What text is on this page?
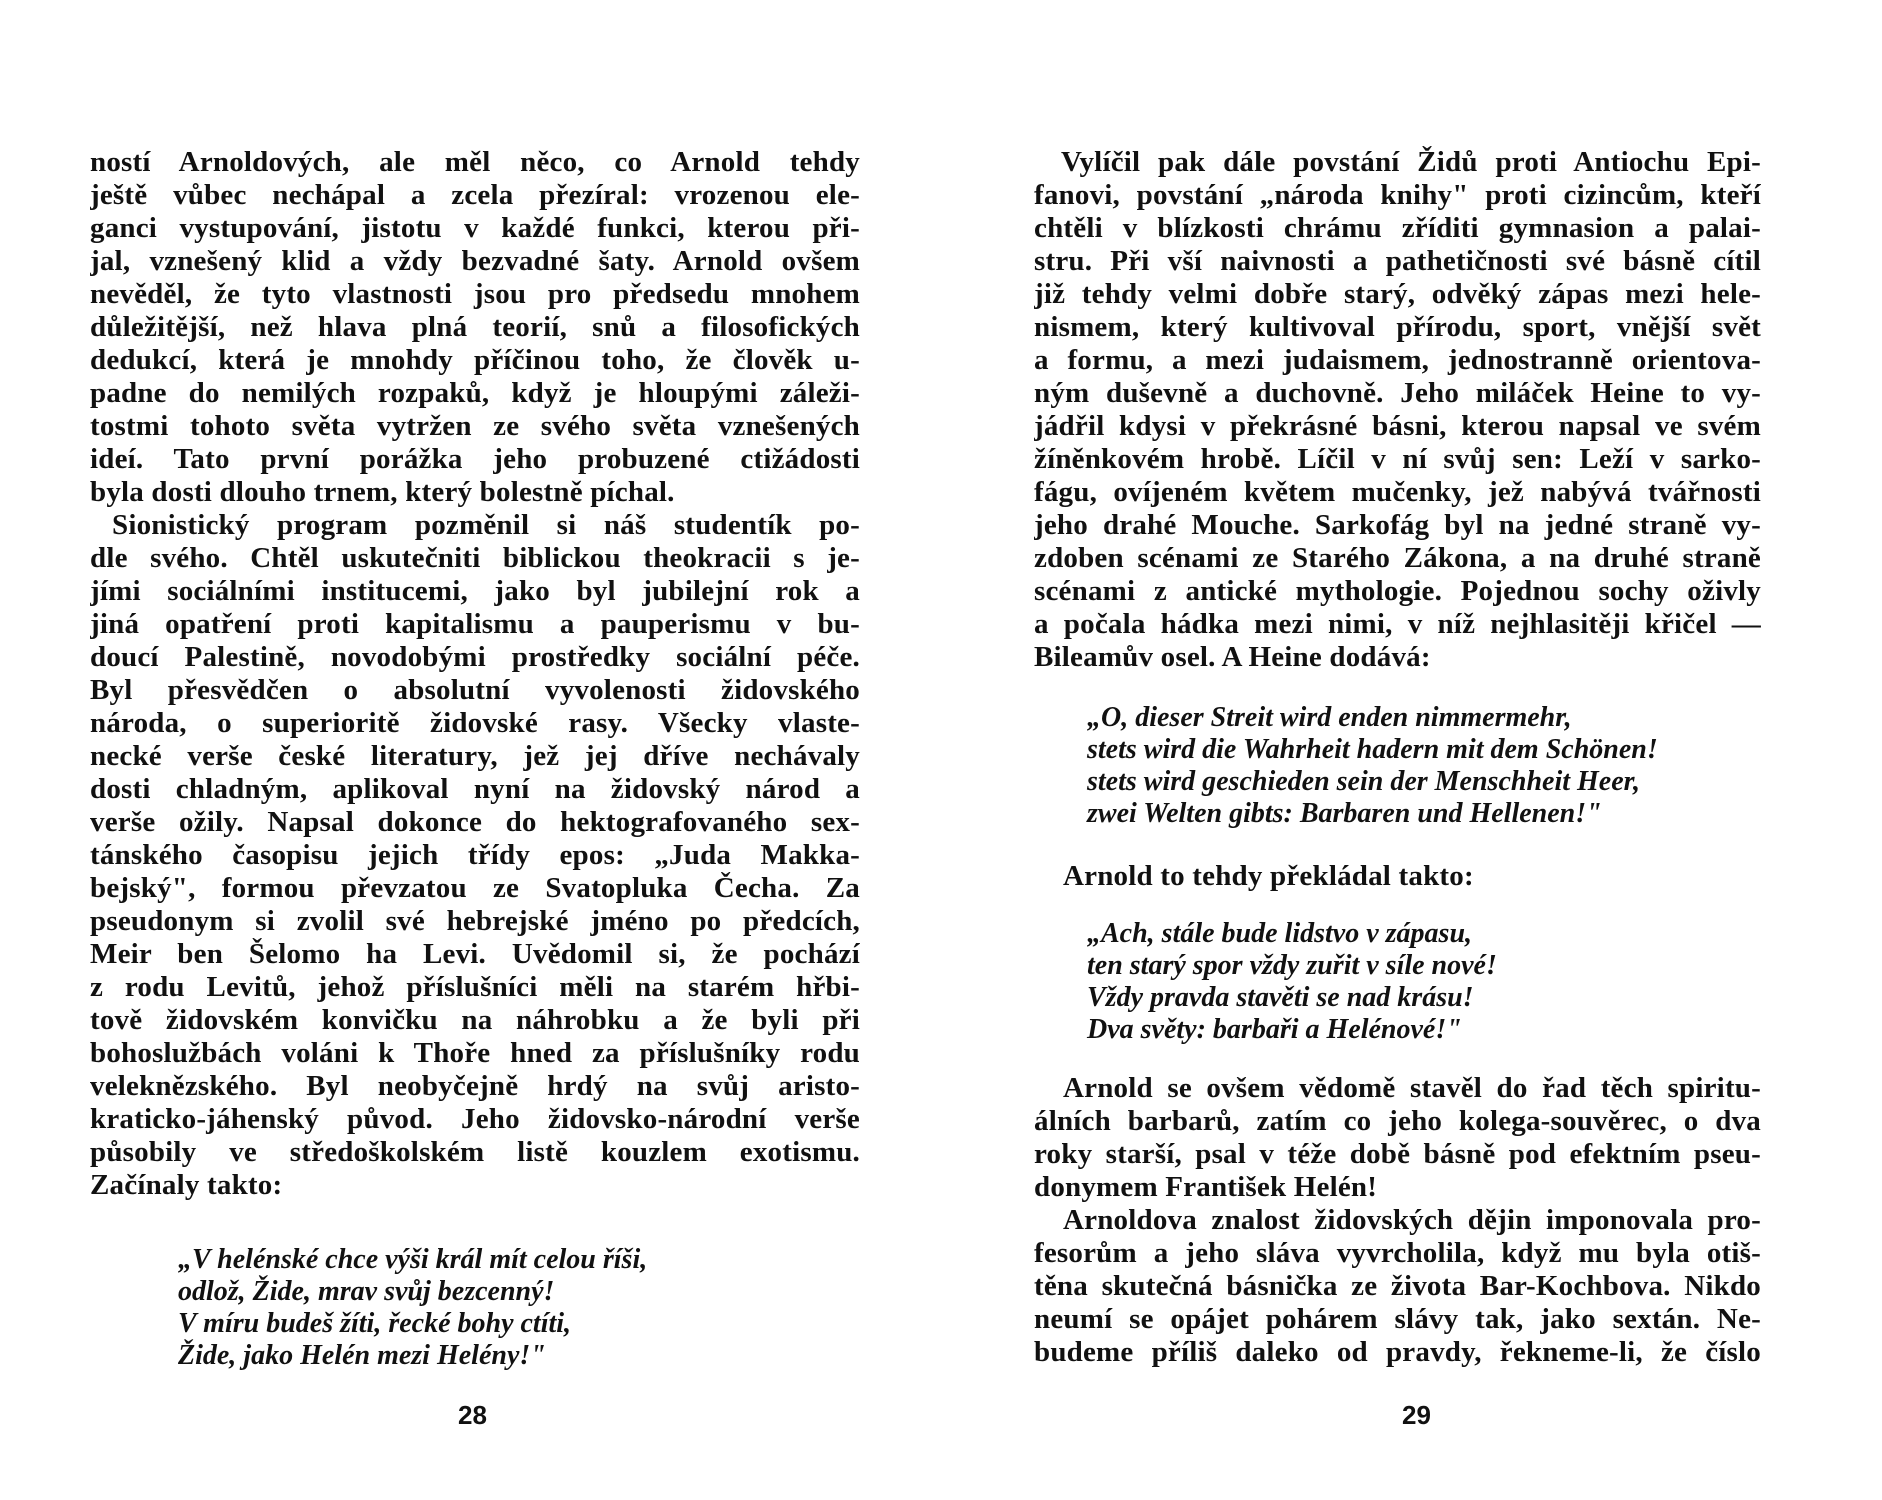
ností Arnoldových, ale měl něco, co Arnold tehdy
ještě vůbec nechápal a zcela přezíral: vrozenou ele-
ganci vystupování, jistotu v každé funkci, kterou při-
jal, vznešený klid a vždy bezvadné šaty. Arnold ovšem
nevěděl, že tyto vlastnosti jsou pro předsedu mnohem
důležitější, než hlava plná teorií, snů a filosofických
dedukcí, která je mnohdy příčinou toho, že člověk u-
padne do nemilých rozpaků, když je hloupými záleži-
tostmi tohoto světa vytržen ze svého světa vznešených
ideí. Tato první porážka jeho probuzené ctižádosti
byla dosti dlouho trnem, který bolestně píchal.
Sionistický program pozměnil si náš studentík po-
dle svého. Chtěl uskutečniti biblickou theokracii s je-
jími sociálními institucemi, jako byl jubilejní rok a
jiná opatření proti kapitalismu a pauperismu v bu-
doucí Palestině, novodobými prostředky sociální péče.
Byl přesvědčen o absolutní vyvolenosti židovského
národa, o superioritě židovské rasy. Všecky vlaste-
necké verše české literatury, jež jej dříve nechávaly
dosti chladným, aplikoval nyní na židovský národ a
verše ožily. Napsal dokonce do hektografovaného sex-
tánského časopisu jejich třídy epos: „Juda Makka-
bejský", formou převzatou ze Svatopluka Čecha. Za
pseudonym si zvolil své hebrejské jméno po předcích,
Meir ben Šelomo ha Levi. Uvědomil si, že pochází
z rodu Levitů, jehož příslušníci měli na starém hřbi-
tově židovském konvičku na náhrobku a že byli při
bohoslužbách voláni k Thoře hned za příslušníky rodu
veleknězského. Byl neobyčejně hrdý na svůj aristo-
kraticko-jáhenský původ. Jeho židovsko-národní verše
působily ve středoškolském listě kouzlem exotismu.
Začínaly takto:
„V helénské chce výši král mít celou říši,
odlož, Žide, mrav svůj bezcenný!
V míru budeš žíti, řecké bohy ctíti,
Žide, jako Helén mezi Helény!"
28
Vylíčil pak dále povstání Židů proti Antiochu Epi-
fanovi, povstání „národa knihy" proti cizincům, kteří
chtěli v blízkosti chrámu zříditi gymnasion a palai-
stru. Při vší naivnosti a pathetičnosti své básně cítil
již tehdy velmi dobře starý, odvěký zápas mezi hele-
nismem, který kultivoval přírodu, sport, vnější svět
a formu, a mezi judaismem, jednostranně orientova-
ným duševně a duchovně. Jeho miláček Heine to vy-
jádřil kdysi v překrásné básni, kterou napsal ve svém
žíněnkovém hrobě. Líčil v ní svůj sen: Leží v sarko-
fágu, ovíjeném květem mučenky, jež nabývá tvářnosti
jeho drahé Mouche. Sarkofág byl na jedné straně vy-
zdoben scénami ze Starého Zákona, a na druhé straně
scénami z antické mythologie. Pojednou sochy oživly
a počala hádka mezi nimi, v níž nejhlasitěji křičel —
Bileamův osel. A Heine dodává:
„O, dieser Streit wird enden nimmermehr,
stets wird die Wahrheit hadern mit dem Schönen!
stets wird geschieden sein der Menschheit Heer,
zwei Welten gibts: Barbaren und Hellenen!"
Arnold to tehdy překládal takto:
„Ach, stále bude lidstvo v zápasu,
ten starý spor vždy zuřit v síle nové!
Vždy pravda stavěti se nad krásu!
Dva světy: barbaři a Helénové!"
Arnold se ovšem vědomě stavěl do řad těch spiritu-
álních barbarů, zatím co jeho kolega-souvěrec, o dva
roky starší, psal v téže době básně pod efektním pseu-
donymem František Helén!
Arnoldova znalost židovských dějin imponovala pro-
fesorům a jeho sláva vyvrcholila, když mu byla otiš-
těna skutečná básnička ze života Bar-Kochbova. Nikdo
neumí se opájet pohárem slávy tak, jako sextán. Ne-
budeme příliš daleko od pravdy, řekneme-li, že číslo
29
